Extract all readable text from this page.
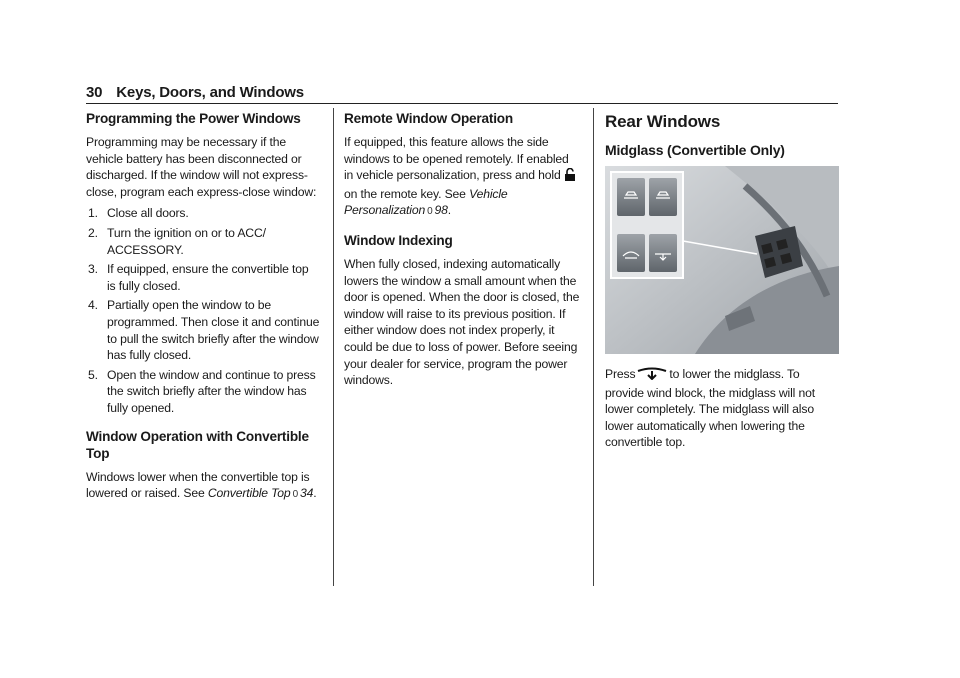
30 Keys, Doors, and Windows
Programming the Power Windows

Programming may be necessary if the vehicle battery has been disconnected or discharged. If the window will not express-close, program each express-close window:

1. Close all doors.
2. Turn the ignition on or to ACC/ ACCESSORY.
3. If equipped, ensure the convertible top is fully closed.
4. Partially open the window to be programmed. Then close it and continue to pull the switch briefly after the window has fully closed.
5. Open the window and continue to press the switch briefly after the window has fully opened.
Window Operation with Convertible Top

Windows lower when the convertible top is lowered or raised. See Convertible Top 0 34.

Remote Window Operation

If equipped, this feature allows the side windows to be opened remotely. If enabled in vehicle personalization, press and hold on the remote key. See Vehicle Personalization 0 98.

Window Indexing

When fully closed, indexing automatically lowers the window a small amount when the door is opened. When the door is closed, the window will raise to its previous position. If either window does not index properly, it could be due to loss of power. Before seeing your dealer for service, program the power windows.

Rear Windows
Midglass (Convertible Only)

Press	to lower the midglass. To provide wind block, the midglass will not lower completely. The midglass will also lower automatically when lowering the convertible top.
